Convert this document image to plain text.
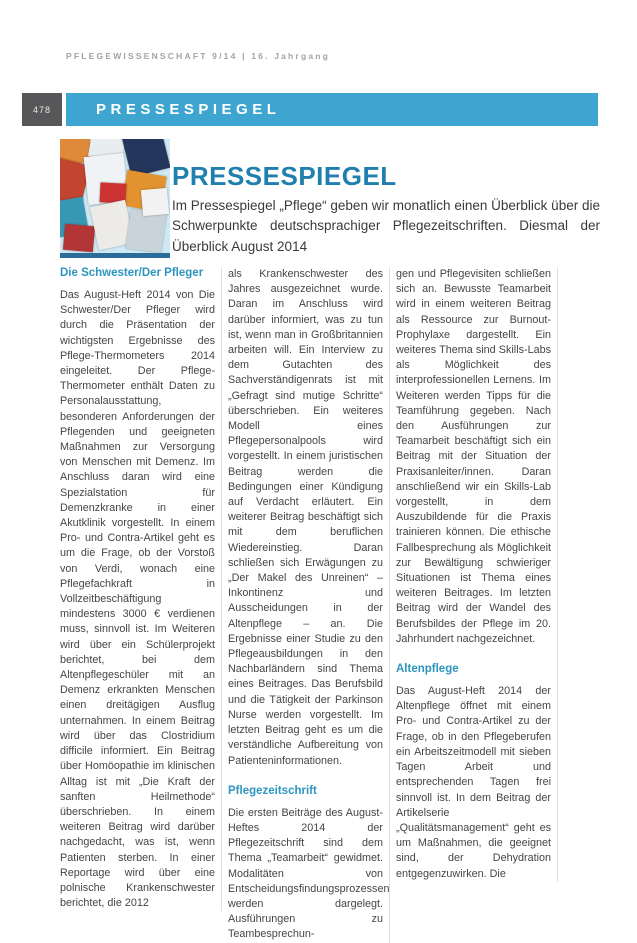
PFLEGEWISSENSCHAFT 9/14 | 16. Jahrgang
478	PRESSESPIEGEL
PRESSESPIEGEL

Im Pressespiegel „Pflege“ geben wir monatlich einen Überblick über die Schwerpunkte deutschsprachiger Pflegezeitschriften. Diesmal der Überblick August 2014

Die Schwester/Der Pfleger

Das August-Heft 2014 von Die Schwester/Der Pfleger wird durch die Präsentation der wichtigsten Ergebnisse des Pflege-Thermometers 2014 eingeleitet. Der Pflege-Thermometer enthält Daten zu Personalausstattung, besonderen Anforderungen der Pflegenden und geeigneten Maßnahmen zur Versorgung von Menschen mit Demenz. Im Anschluss daran wird eine Spezialstation für Demenzkranke in einer Akutklinik vorgestellt. In einem Pro- und Contra-Artikel geht es um die Frage, ob der Vorstoß von Verdi, wonach eine Pflegefachkraft in Vollzeitbeschäftigung mindestens 3000 € verdienen muss, sinnvoll ist. Im Weiteren wird über ein Schülerprojekt berichtet, bei dem Altenpflegeschüler mit an Demenz erkrankten Menschen einen dreitägigen Ausflug unternahmen. In einem Beitrag wird über das Clostridium difficile informiert. Ein Beitrag über Homöopathie im klinischen Alltag ist mit „Die Kraft der sanften Heilmethode“ überschrieben. In einem weiteren Beitrag wird darüber nachgedacht, was ist, wenn Patienten sterben. In einer Reportage wird über eine polnische Krankenschwester berichtet, die 2012

als Krankenschwester des Jahres ausgezeichnet wurde. Daran im Anschluss wird darüber informiert, was zu tun ist, wenn man in Großbritannien arbeiten will. Ein Interview zu dem Gutachten des Sachverständigenrats ist mit „Gefragt sind mutige Schritte“ überschrieben. Ein weiteres Modell eines Pflegepersonalpools wird vorgestellt. In einem juristischen Beitrag werden die Bedingungen einer Kündigung auf Verdacht erläutert. Ein weiterer Beitrag beschäftigt sich mit dem beruflichen Wiedereinstieg. Daran schließen sich Erwägungen zu „Der Makel des Unreinen“ – Inkontinenz und Ausscheidungen in der Altenpflege – an. Die Ergebnisse einer Studie zu den Pflegeausbildungen in den Nachbarländern sind Thema eines Beitrages. Das Berufsbild und die Tätigkeit der Parkinson Nurse werden vorgestellt. Im letzten Beitrag geht es um die verständliche Aufbereitung von Patienteninformationen.

Pflegezeitschrift

Die ersten Beiträge des August-Heftes 2014 der Pflegezeitschrift sind dem Thema „Teamarbeit“ gewidmet. Modalitäten von Entscheidungsfindungsprozessen werden dargelegt. Ausführungen zu Teambesprechun-

gen und Pflegevisiten schließen sich an. Bewusste Teamarbeit wird in einem weiteren Beitrag als Ressource zur Burnout-Prophylaxe dargestellt. Ein weiteres Thema sind Skills-Labs als Möglichkeit des interprofessionellen Lernens. Im Weiteren werden Tipps für die Teamführung gegeben. Nach den Ausführungen zur Teamarbeit beschäftigt sich ein Beitrag mit der Situation der Praxisanleiter/innen. Daran anschließend wir ein Skills-Lab vorgestellt, in dem Auszubildende für die Praxis trainieren können. Die ethische Fallbesprechung als Möglichkeit zur Bewältigung schwieriger Situationen ist Thema eines weiteren Beitrages. Im letzten Beitrag wird der Wandel des Berufsbildes der Pflege im 20. Jahrhundert nachgezeichnet.

Altenpflege

Das August-Heft 2014 der Altenpflege öffnet mit einem Pro- und Contra-Artikel zu der Frage, ob in den Pflegeberufen ein Arbeitszeitmodell mit sieben Tagen Arbeit und entsprechenden Tagen frei sinnvoll ist. In dem Beitrag der Artikelserie „Qualitätsmanagement“ geht es um Maßnahmen, die geeignet sind, der Dehydration entgegenzuwirken. Die
